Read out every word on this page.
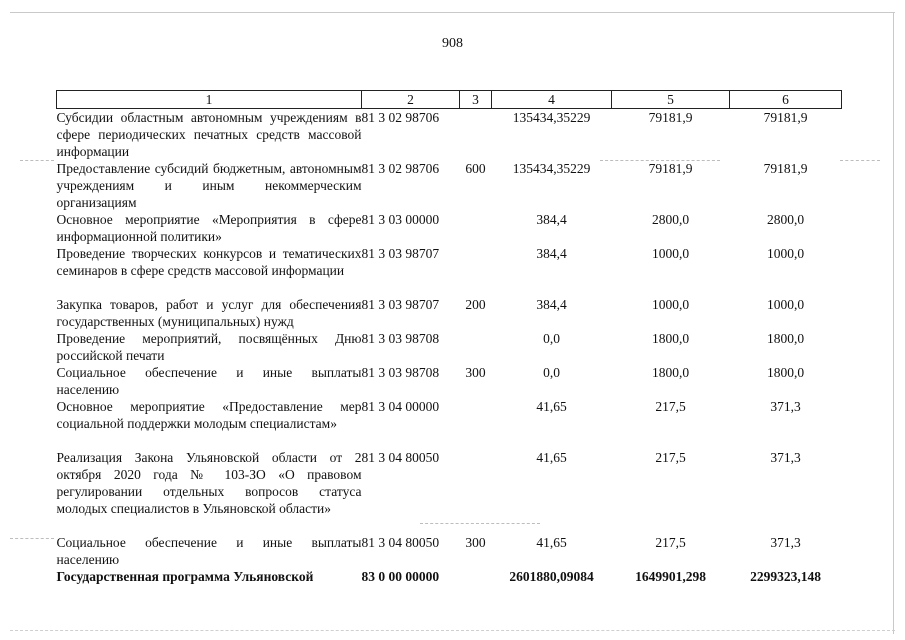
908
1	2	3	4	5	6
Субсидии областным автономным учреждениям в сфере периодических печатных средств массовой информации	81 3 02 98706		135434,35229	79181,9	79181,9
Предоставление субсидий бюджетным, автономным учреждениям и иным некоммерческим организациям	81 3 02 98706	600	135434,35229	79181,9	79181,9
Основное мероприятие «Мероприятия в сфере информационной политики»	81 3 03 00000		384,4	2800,0	2800,0
Проведение творческих конкурсов и тематических семинаров в сфере средств массовой информации	81 3 03 98707		384,4	1000,0	1000,0
Закупка товаров, работ и услуг для обеспечения государственных (муниципальных) нужд	81 3 03 98707	200	384,4	1000,0	1000,0
Проведение мероприятий, посвящённых Дню российской печати	81 3 03 98708		0,0	1800,0	1800,0
Социальное обеспечение и иные выплаты населению	81 3 03 98708	300	0,0	1800,0	1800,0
Основное мероприятие «Предоставление мер социальной поддержки молодым специалистам»	81 3 04 00000		41,65	217,5	371,3
Реализация Закона Ульяновской области от 2 октября 2020 года № 103-ЗО «О правовом регулировании отдельных вопросов статуса молодых специалистов в Ульяновской области»	81 3 04 80050		41,65	217,5	371,3
Социальное обеспечение и иные выплаты населению	81 3 04 80050	300	41,65	217,5	371,3
Государственная программа Ульяновской	83 0 00 00000		2601880,09084	1649901,298	2299323,148
